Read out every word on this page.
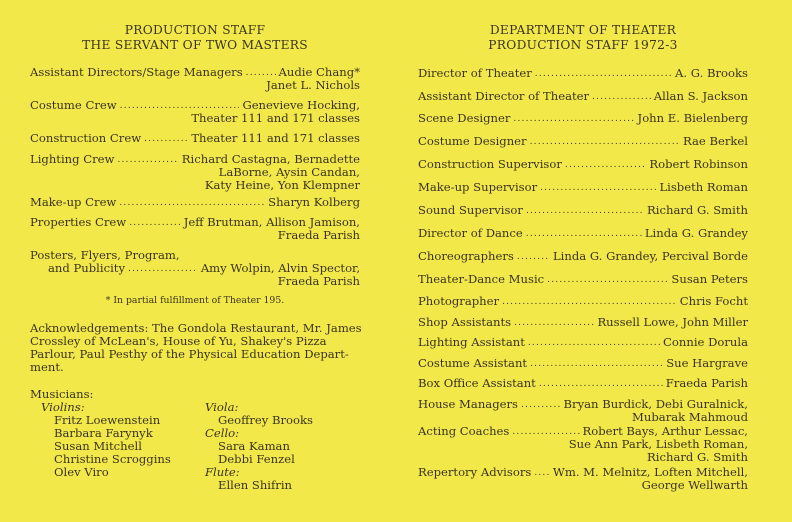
PRODUCTION STAFF
THE SERVANT OF TWO MASTERS
Assistant Directors/Stage Managers .....	Audie Chang*
Janet L. Nichols
Costume Crew .....	Genevieve Hocking,
Theater 111 and 171 classes
Construction Crew .....	Theater 111 and 171 classes
Lighting Crew .....	Richard Castagna, Bernadette
LaBorne, Aysin Candan,
Katy Heine, Yon Klempner
Make-up Crew .....	Sharyn Kolberg
Properties Crew .....	Jeff Brutman, Allison Jamison,
Fraeda Parish
Posters, Flyers, Program,
and Publicity .....	Amy Wolpin, Alvin Spector,
Fraeda Parish
* In partial fulfillment of Theater 195.
Acknowledgements: The Gondola Restaurant, Mr. James
Crossley of McLean's, House of Yu, Shakey's Pizza
Parlour, Paul Pesthy of the Physical Education Depart-
ment.
Musicians:
Violins:
Fritz Loewenstein
Barbara Farynyk
Susan Mitchell
Christine Scroggins
Olev Viro
Viola:
Geoffrey Brooks
Cello:
Sara Kaman
Debbi Fenzel
Flute:
Ellen Shifrin
DEPARTMENT OF THEATER
PRODUCTION STAFF 1972-3
Director of Theater .....	A. G. Brooks
Assistant Director of Theater .....	Allan S. Jackson
Scene Designer .....	John E. Bielenberg
Costume Designer .....	Rae Berkel
Construction Supervisor .....	Robert Robinson
Make-up Supervisor .....	Lisbeth Roman
Sound Supervisor .....	Richard G. Smith
Director of Dance .....	Linda G. Grandey
Choreographers .....	Linda G. Grandey, Percival Borde
Theater-Dance Music .....	Susan Peters
Photographer .....	Chris Focht
Shop Assistants .....	Russell Lowe, John Miller
Lighting Assistant .....	Connie Dorula
Costume Assistant .....	Sue Hargrave
Box Office Assistant .....	Fraeda Parish
House Managers .....	Bryan Burdick, Debi Guralnick,
Mubarak Mahmoud
Acting Coaches .....	Robert Bays, Arthur Lessac,
Sue Ann Park, Lisbeth Roman,
Richard G. Smith
Repertory Advisors ..... Wm. M. Melnitz, Loften Mitchell,
George Wellwarth
